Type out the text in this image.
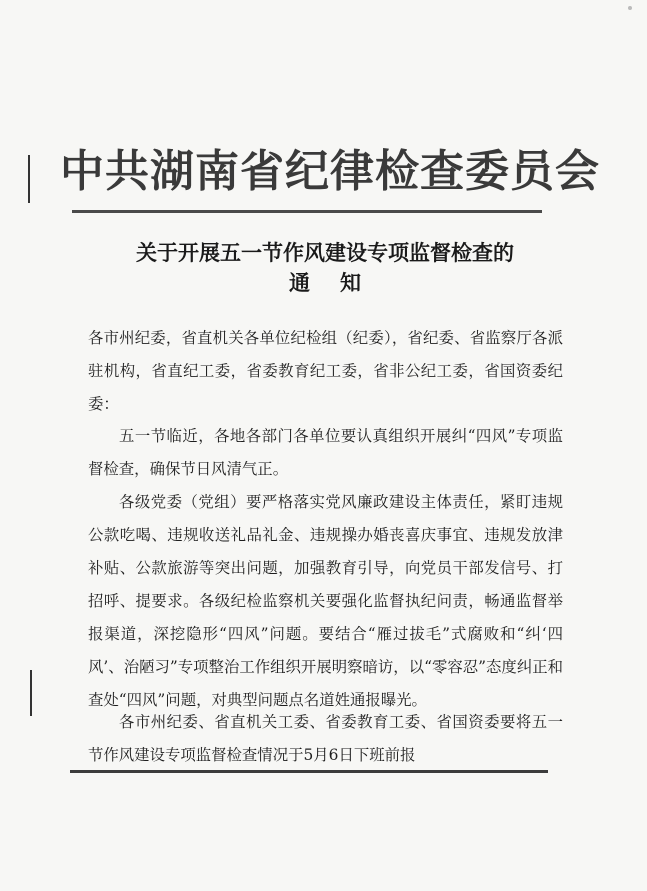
中共湖南省纪律检查委员会
关于开展五一节作风建设专项监督检查的
通知
各市州纪委，省直机关各单位纪检组（纪委），省纪委、省监察厅各派驻机构，省直纪工委，省委教育纪工委，省非公纪工委，省国资委纪委：
五一节临近，各地各部门各单位要认真组织开展纠“四风”专项监督检查，确保节日风清气正。
各级党委（党组）要严格落实党风廉政建设主体责任，紧盯违规公款吃喝、违规收送礼品礼金、违规操办婚丧喜庆事宜、违规发放津补贴、公款旅游等突出问题，加强教育引导，向党员干部发信号、打招呼、提要求。各级纪检监察机关要强化监督执纪问责，畅通监督举报渠道，深挖隐形“四风”问题。要结合“雁过拔毛”式腐败和“纠‘四风’、治陋习”专项整治工作组织开展明察暗访，以“零容忍”态度纠正和查处“四风”问题，对典型问题点名道姓通报曝光。
各市州纪委、省直机关工委、省委教育工委、省国资委要将五一节作风建设专项监督检查情况于5月6日下班前报
